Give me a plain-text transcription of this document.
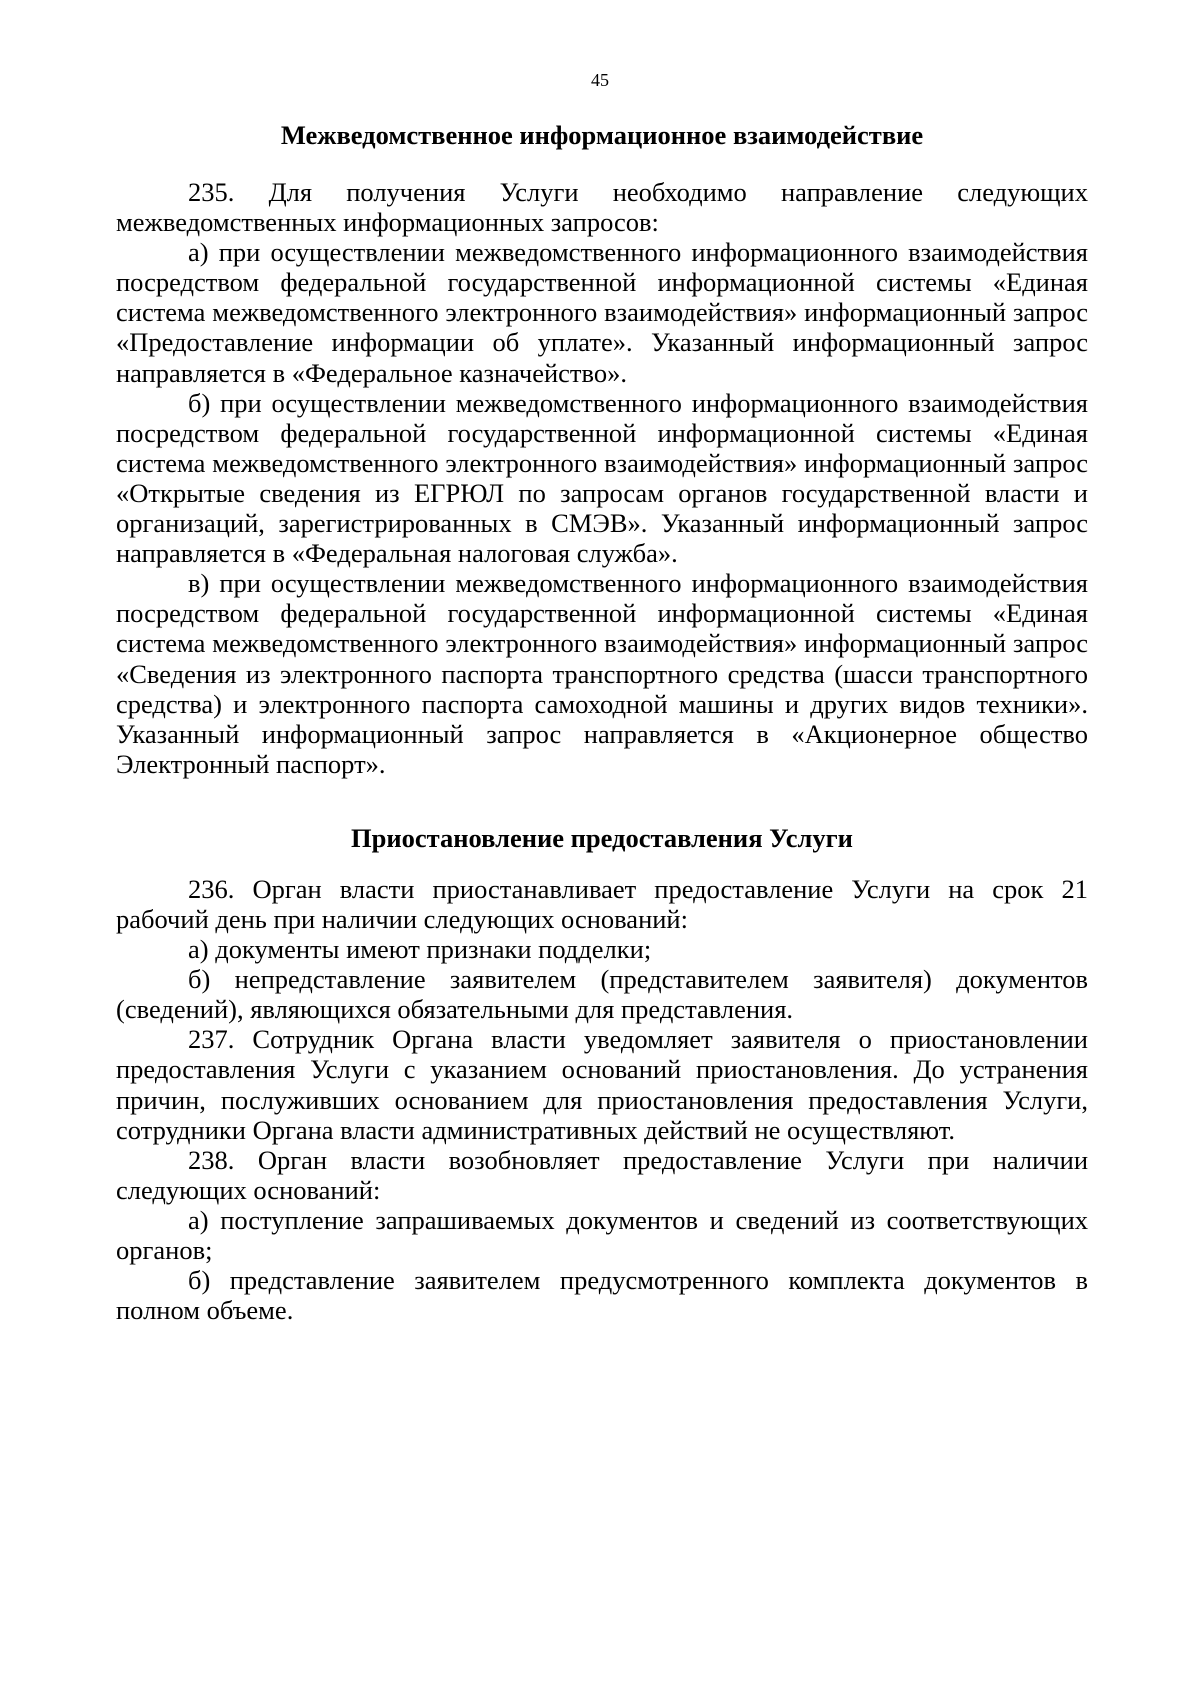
45
Межведомственное информационное взаимодействие

235. Для получения Услуги необходимо направление следующих межведомственных информационных запросов:

а) при осуществлении межведомственного информационного взаимодействия посредством федеральной государственной информационной системы «Единая система межведомственного электронного взаимодействия» информационный запрос «Предоставление информации об уплате». Указанный информационный запрос направляется в «Федеральное казначейство».

б) при осуществлении межведомственного информационного взаимодействия посредством федеральной государственной информационной системы «Единая система межведомственного электронного взаимодействия» информационный запрос «Открытые сведения из ЕГРЮЛ по запросам органов государственной власти и организаций, зарегистрированных в СМЭВ». Указанный информационный запрос направляется в «Федеральная налоговая служба».

в) при осуществлении межведомственного информационного взаимодействия посредством федеральной государственной информационной системы «Единая система межведомственного электронного взаимодействия» информационный запрос «Сведения из электронного паспорта транспортного средства (шасси транспортного средства) и электронного паспорта самоходной машины и других видов техники». Указанный информационный запрос направляется в «Акционерное общество Электронный паспорт».

Приостановление предоставления Услуги

236. Орган власти приостанавливает предоставление Услуги на срок 21 рабочий день при наличии следующих оснований:

а) документы имеют признаки подделки;

б) непредставление заявителем (представителем заявителя) документов (сведений), являющихся обязательными для представления.

237. Сотрудник Органа власти уведомляет заявителя о приостановлении предоставления Услуги с указанием оснований приостановления. До устранения причин, послуживших основанием для приостановления предоставления Услуги, сотрудники Органа власти административных действий не осуществляют.

238. Орган власти возобновляет предоставление Услуги при наличии следующих оснований:

а) поступление запрашиваемых документов и сведений из соответствующих органов;

б) представление заявителем предусмотренного комплекта документов в полном объеме.
